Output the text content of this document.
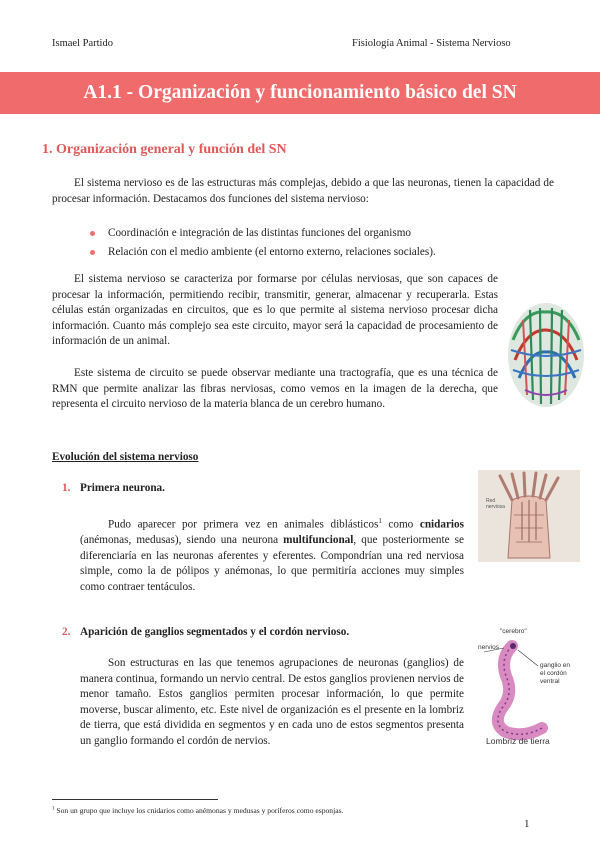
Ismael Partido	Fisiología Animal - Sistema Nervioso
A1.1 - Organización y funcionamiento básico del SN
1. Organización general y función del SN
El sistema nervioso es de las estructuras más complejas, debido a que las neuronas, tienen la capacidad de procesar información. Destacamos dos funciones del sistema nervioso:
Coordinación e integración de las distintas funciones del organismo
Relación con el medio ambiente (el entorno externo, relaciones sociales).
El sistema nervioso se caracteriza por formarse por células nerviosas, que son capaces de procesar la información, permitiendo recibir, transmitir, generar, almacenar y recuperarla. Estas células están organizadas en circuitos, que es lo que permite al sistema nervioso procesar dicha información. Cuanto más complejo sea este circuito, mayor será la capacidad de procesamiento de información de un animal.
Este sistema de circuito se puede observar mediante una tractografía, que es una técnica de RMN que permite analizar las fibras nerviosas, como vemos en la imagen de la derecha, que representa el circuito nervioso de la materia blanca de un cerebro humano.
Evolución del sistema nervioso
1. Primera neurona.
Pudo aparecer por primera vez en animales diblásticos$^1$ como cnidarios (anémonas, medusas), siendo una neurona multifuncional, que posteriormente se diferenciaría en las neuronas aferentes y eferentes. Compondrían una red nerviosa simple, como la de pólipos y anémonas, lo que permitiría acciones muy simples como contraer tentáculos.
Red
nerviosa
2. Aparición de ganglios segmentados y el cordón nervioso.
Son estructuras en las que tenemos agrupaciones de neuronas (ganglios) de manera continua, formando un nervio central. De estos ganglios provienen nervios de menor tamaño. Estos ganglios permiten procesar información, lo que permite moverse, buscar alimento, etc. Este nivel de organización es el presente en la lombriz de tierra, que está dividida en segmentos y en cada uno de estos segmentos presenta un ganglio formando el cordón de nervios.
"cerebro"
nervios
ganglio en
el cordón
ventral
Lombriz de tierra
$^1$ Son un grupo que incluye los cnidarios como anémonas y medusas y poríferos como esponjas.
1
